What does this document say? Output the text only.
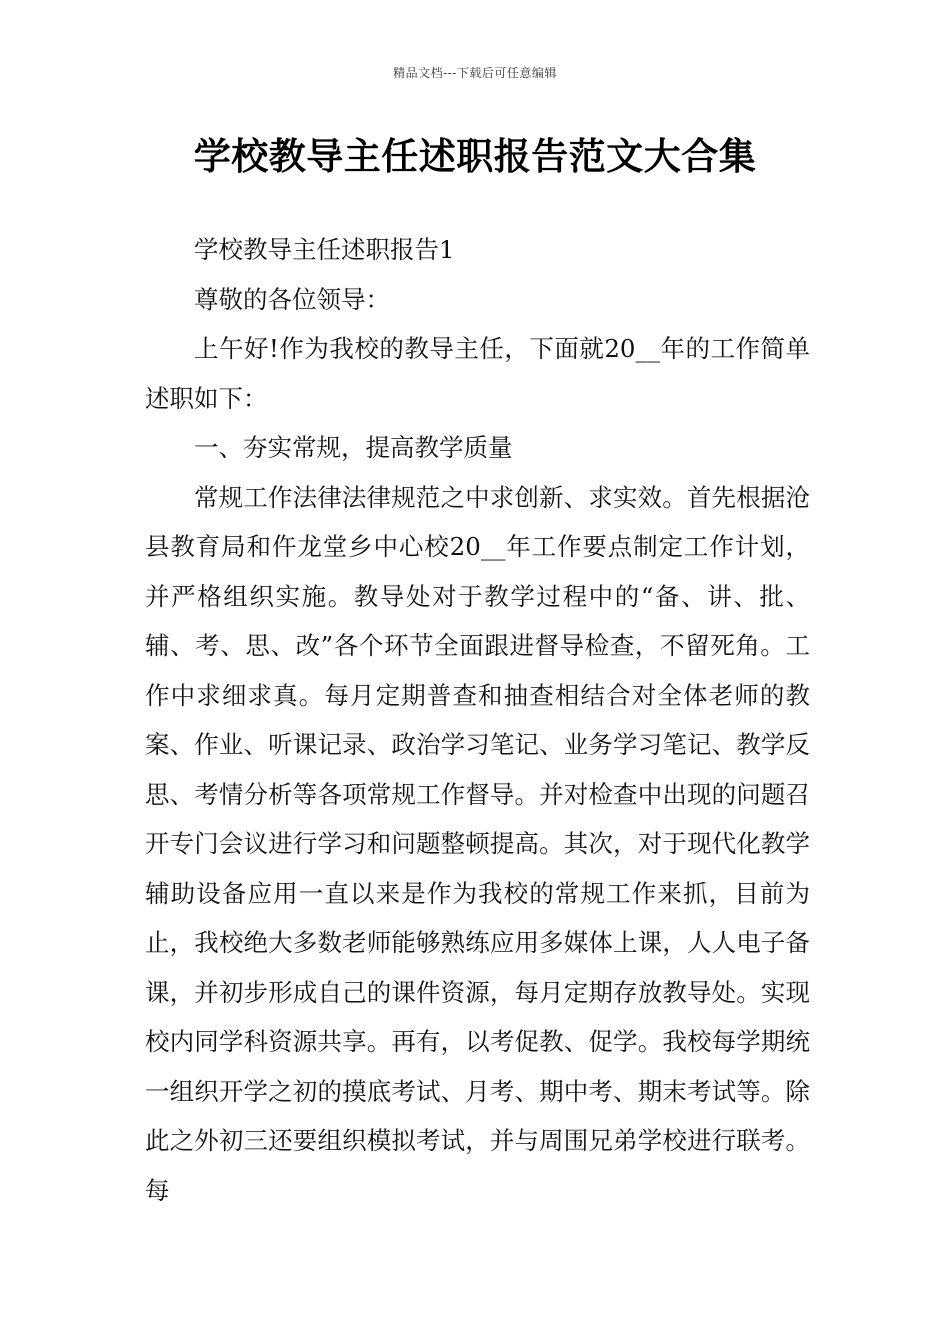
精品文档---下载后可任意编辑
学校教导主任述职报告范文大合集

学校教导主任述职报告1

尊敬的各位领导：

上午好!作为我校的教导主任，下面就20__年的工作简单述职如下：

一、夯实常规，提高教学质量

常规工作法律法律规范之中求创新、求实效。首先根据沧县教育局和仵龙堂乡中心校20__年工作要点制定工作计划，并严格组织实施。教导处对于教学过程中的“备、讲、批、辅、考、思、改”各个环节全面跟进督导检查，不留死角。工作中求细求真。每月定期普查和抽查相结合对全体老师的教案、作业、听课记录、政治学习笔记、业务学习笔记、教学反思、考情分析等各项常规工作督导。并对检查中出现的问题召开专门会议进行学习和问题整顿提高。其次，对于现代化教学辅助设备应用一直以来是作为我校的常规工作来抓，目前为止，我校绝大多数老师能够熟练应用多媒体上课，人人电子备课，并初步形成自己的课件资源，每月定期存放教导处。实现校内同学科资源共享。再有，以考促教、促学。我校每学期统一组织开学之初的摸底考试、月考、期中考、期末考试等。除此之外初三还要组织模拟考试，并与周围兄弟学校进行联考。每
